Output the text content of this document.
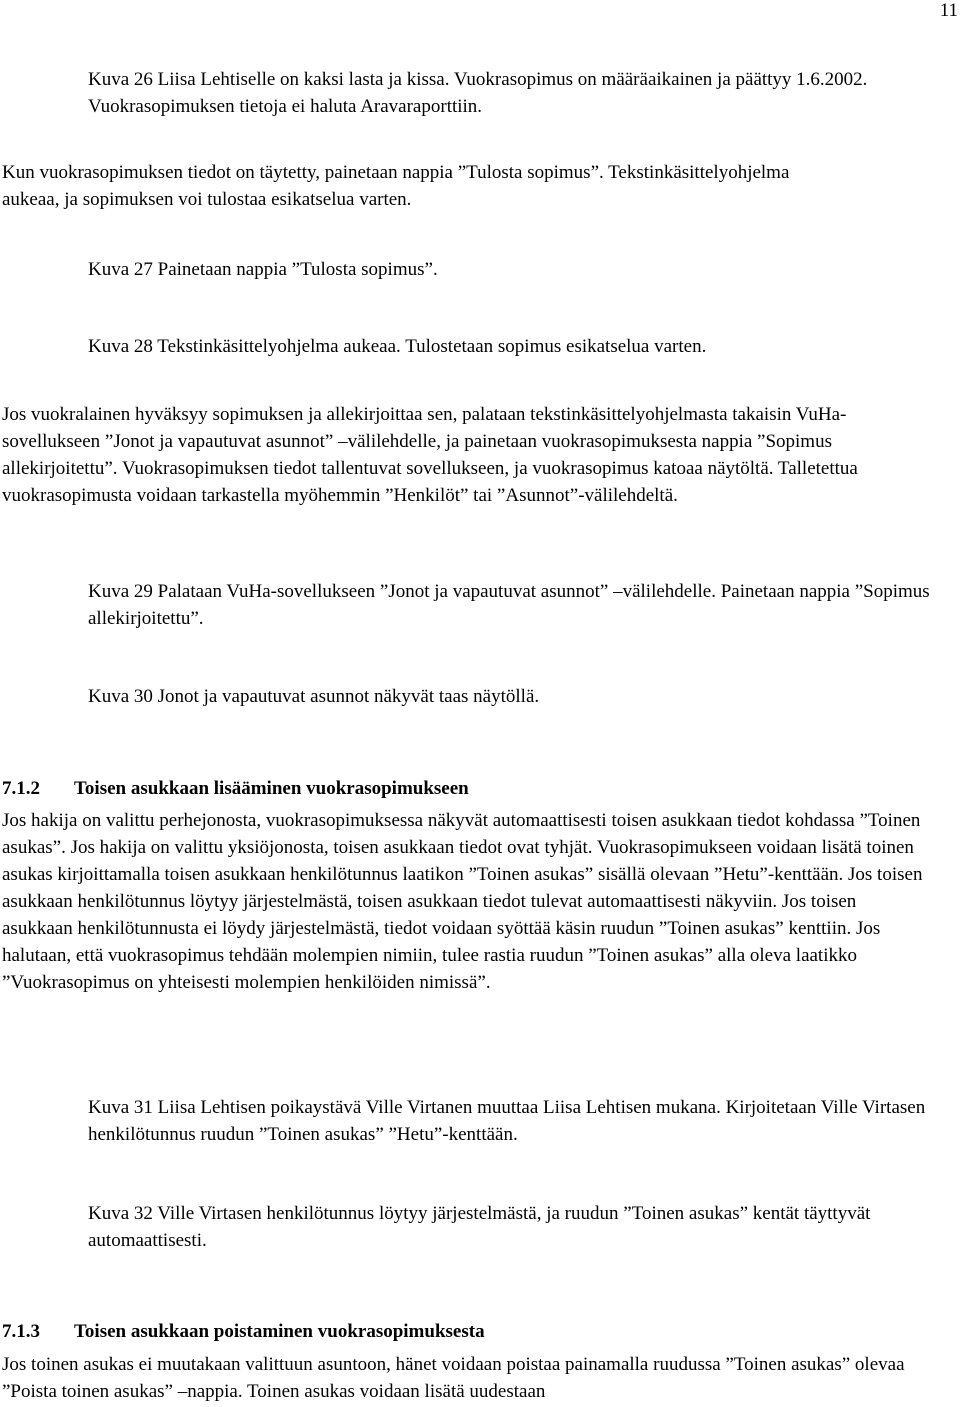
11

Kuva 26 Liisa Lehtiselle on kaksi lasta ja kissa. Vuokrasopimus on määräaikainen ja päättyy 1.6.2002. Vuokrasopimuksen tietoja ei haluta Aravaraporttiin.

Kun vuokrasopimuksen tiedot on täytetty, painetaan nappia ”Tulosta sopimus”. Tekstinkäsittelyohjelma aukeaa, ja sopimuksen voi tulostaa esikatselua varten.

Kuva 27 Painetaan nappia ”Tulosta sopimus”.

Kuva 28 Tekstinkäsittelyohjelma aukeaa. Tulostetaan sopimus esikatselua varten.

Jos vuokralainen hyväksyy sopimuksen ja allekirjoittaa sen, palataan tekstinkäsittelyohjelmasta takaisin VuHa-sovellukseen ”Jonot ja vapautuvat asunnot” –välilehdelle, ja painetaan vuokrasopimuksesta nappia ”Sopimus allekirjoitettu”. Vuokrasopimuksen tiedot tallentuvat sovellukseen, ja vuokrasopimus katoaa näytöltä. Talletettua vuokrasopimusta voidaan tarkastella myöhemmin ”Henkilöt” tai ”Asunnot”-välilehdeltä.

Kuva 29 Palataan VuHa-sovellukseen ”Jonot ja vapautuvat asunnot” –välilehdelle. Painetaan nappia ”Sopimus allekirjoitettu”.

Kuva 30 Jonot ja vapautuvat asunnot näkyvät taas näytöllä.

7.1.2 Toisen asukkaan lisääminen vuokrasopimukseen

Jos hakija on valittu perhejonosta, vuokrasopimuksessa näkyvät automaattisesti toisen asukkaan tiedot kohdassa ”Toinen asukas”. Jos hakija on valittu yksiöjonosta, toisen asukkaan tiedot ovat tyhjät. Vuokrasopimukseen voidaan lisätä toinen asukas kirjoittamalla toisen asukkaan henkilötunnus laatikon ”Toinen asukas” sisällä olevaan ”Hetu”-kenttään. Jos toisen asukkaan henkilötunnus löytyy järjestelmästä, toisen asukkaan tiedot tulevat automaattisesti näkyviin. Jos toisen asukkaan henkilötunnusta ei löydy järjestelmästä, tiedot voidaan syöttää käsin ruudun ”Toinen asukas” kenttiin. Jos halutaan, että vuokrasopimus tehdään molempien nimiin, tulee rastia ruudun ”Toinen asukas” alla oleva laatikko ”Vuokrasopimus on yhteisesti molempien henkilöiden nimissä”.

Kuva 31 Liisa Lehtisen poikaystävä Ville Virtanen muuttaa Liisa Lehtisen mukana. Kirjoitetaan Ville Virtasen henkilötunnus ruudun ”Toinen asukas” ”Hetu”-kenttään.

Kuva 32 Ville Virtasen henkilötunnus löytyy järjestelmästä, ja ruudun ”Toinen asukas” kentät täyttyvät automaattisesti.

7.1.3 Toisen asukkaan poistaminen vuokrasopimuksesta

Jos toinen asukas ei muutakaan valittuun asuntoon, hänet voidaan poistaa painamalla ruudussa ”Toinen asukas” olevaa ”Poista toinen asukas” –nappia. Toinen asukas voidaan lisätä uudestaan
